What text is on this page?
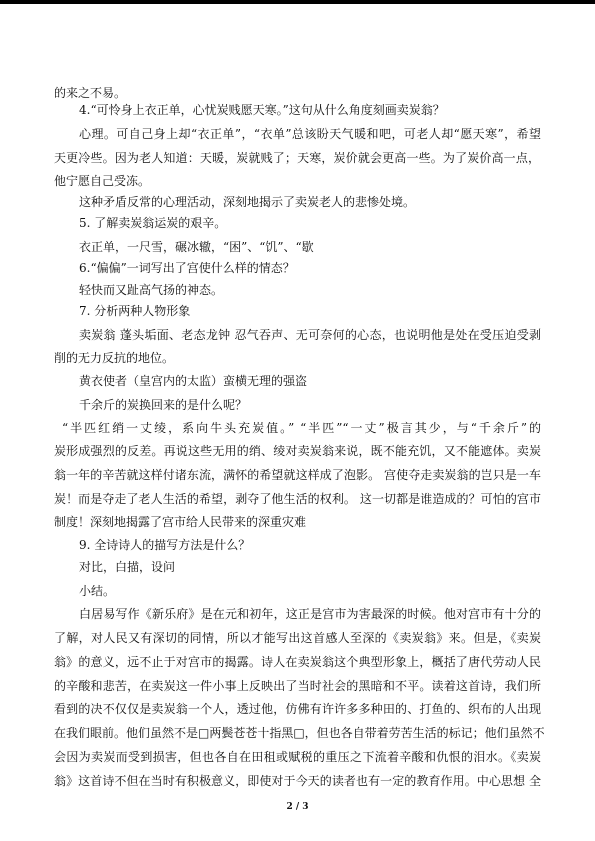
的来之不易。
4.“可怜身上衣正单，心忧炭贱愿天寒。”这句从什么角度刻画卖炭翁？
心理。可自己身上却“衣正单”，“衣单”总该盼天气暖和吧，可老人却“愿天寒”，希望
天更冷些。因为老人知道：天暖，炭就贱了；天寒，炭价就会更高一些。为了炭价高一点，
他宁愿自己受冻。
这种矛盾反常的心理活动，深刻地揭示了卖炭老人的悲惨处境。
5. 了解卖炭翁运炭的艰辛。
衣正单，一尺雪，碾冰辙，“困”、“饥”、“歇
6.“偏偏”一词写出了宫使什么样的情态？
轻快而又趾高气扬的神态。
7. 分析两种人物形象
卖炭翁 蓬头垢面、老态龙钟 忍气吞声、无可奈何的心态，也说明他是处在受压迫受剥
削的无力反抗的地位。
黄衣使者（皇宫内的太监）蛮横无理的强盗
千余斤的炭换回来的是什么呢？
“半匹红绡一丈绫，系向牛头充炭值。” “半匹”“一丈”极言其少，与“千余斤”的
炭形成强烈的反差。再说这些无用的绡、绫对卖炭翁来说，既不能充饥，又不能遮体。卖炭
翁一年的辛苦就这样付诸东流，满怀的希望就这样成了泡影。 宫使夺走卖炭翁的岂只是一车
炭！而是夺走了老人生活的希望，剥夺了他生活的权利。 这一切都是谁造成的？可怕的宫市
制度！深刻地揭露了宫市给人民带来的深重灾难
9. 全诗诗人的描写方法是什么？
对比，白描，设问
小结。
白居易写作《新乐府》是在元和初年，这正是宫市为害最深的时候。他对宫市有十分的
了解，对人民又有深切的同情，所以才能写出这首感人至深的《卖炭翁》来。但是，《卖炭
翁》的意义，远不止于对宫市的揭露。诗人在卖炭翁这个典型形象上，概括了唐代劳动人民
的辛酸和悲苦，在卖炭这一件小事上反映出了当时社会的黑暗和不平。读着这首诗，我们所
看到的决不仅仅是卖炭翁一个人，透过他，仿佛有许许多多种田的、打鱼的、织布的人出现
在我们眼前。他们虽然不是□两鬓苍苍十指黑□，但也各自带着劳苦生活的标记；他们虽然不
会因为卖炭而受到损害，但也各自在田租或赋税的重压之下流着辛酸和仇恨的泪水。《卖炭
翁》这首诗不但在当时有积极意义，即使对于今天的读者也有一定的教育作用。中心思想 全
2 / 3
